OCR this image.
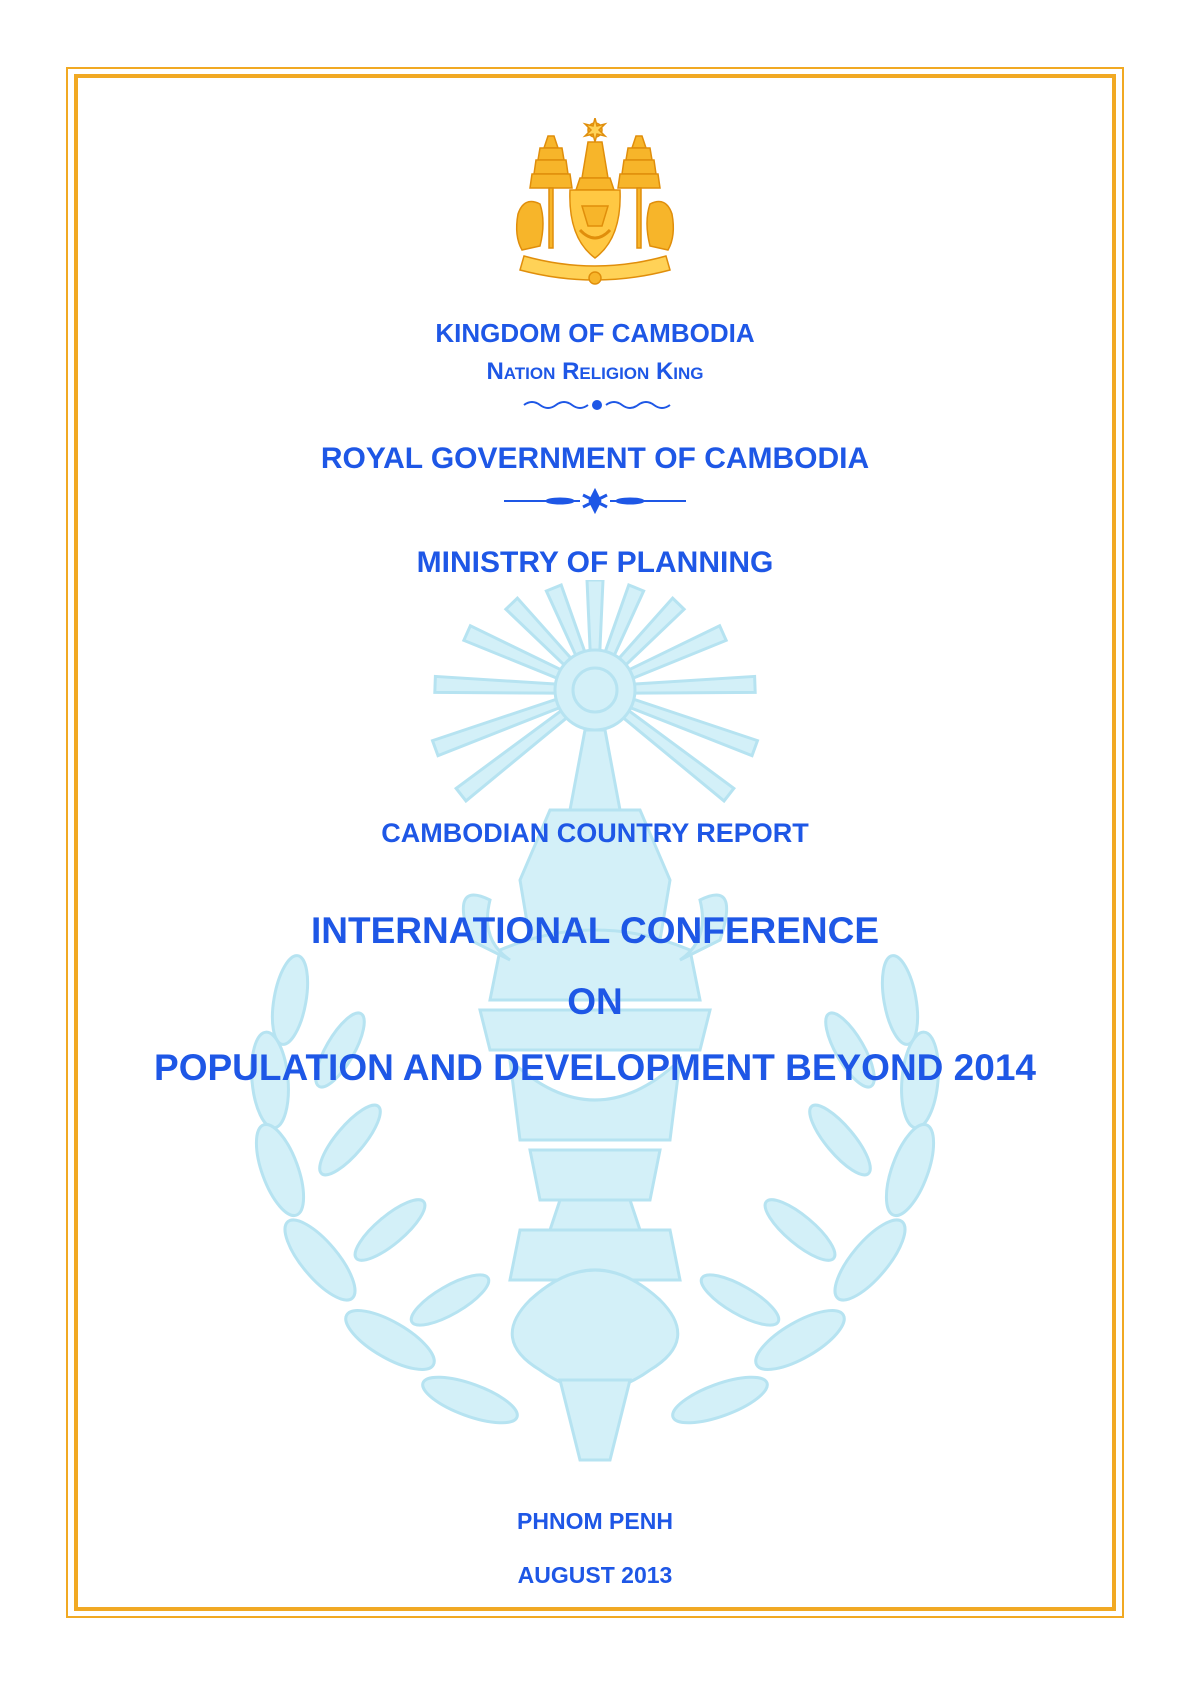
KINGDOM OF CAMBODIA
Nation Religion King
ROYAL GOVERNMENT OF CAMBODIA
MINISTRY OF PLANNING
CAMBODIAN COUNTRY REPORT
INTERNATIONAL CONFERENCE
ON
POPULATION AND DEVELOPMENT BEYOND 2014
PHNOM PENH
AUGUST 2013
